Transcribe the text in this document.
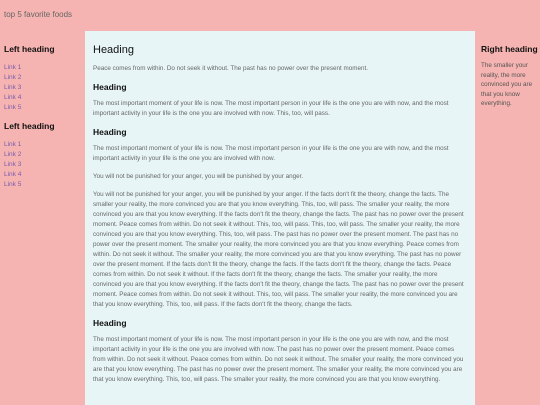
top 5 favorite foods
Left heading
Link 1
Link 2
Link 3
Link 4
Link 5
Left heading
Link 1
Link 2
Link 3
Link 4
Link 5
Heading

Peace comes from within. Do not seek it without. The past has no power over the present moment.

Heading

The most important moment of your life is now. The most important person in your life is the one you are with now, and the most important activity in your life is the one you are involved with now. This, too, will pass.

Heading

The most important moment of your life is now. The most important person in your life is the one you are with now, and the most important activity in your life is the one you are involved with now.

You will not be punished for your anger, you will be punished by your anger.

You will not be punished for your anger, you will be punished by your anger. If the facts don't fit the theory, change the facts. The smaller your reality, the more convinced you are that you know everything. This, too, will pass. The smaller your reality, the more convinced you are that you know everything. If the facts don't fit the theory, change the facts. The past has no power over the present moment. Peace comes from within. Do not seek it without. This, too, will pass. This, too, will pass. The smaller your reality, the more convinced you are that you know everything. This, too, will pass. The past has no power over the present moment. The past has no power over the present moment. The smaller your reality, the more convinced you are that you know everything. Peace comes from within. Do not seek it without. The smaller your reality, the more convinced you are that you know everything. The past has no power over the present moment. If the facts don't fit the theory, change the facts. If the facts don't fit the theory, change the facts. Peace comes from within. Do not seek it without. If the facts don't fit the theory, change the facts. The smaller your reality, the more convinced you are that you know everything. If the facts don't fit the theory, change the facts. The past has no power over the present moment. Peace comes from within. Do not seek it without. This, too, will pass. The smaller your reality, the more convinced you are that you know everything. This, too, will pass. If the facts don't fit the theory, change the facts.

Heading

The most important moment of your life is now. The most important person in your life is the one you are with now, and the most important activity in your life is the one you are involved with now. The past has no power over the present moment. Peace comes from within. Do not seek it without. Peace comes from within. Do not seek it without. The smaller your reality, the more convinced you are that you know everything. The past has no power over the present moment. The smaller your reality, the more convinced you are that you know everything. This, too, will pass. The smaller your reality, the more convinced you are that you know everything.

Right heading

The smaller your reality, the more convinced you are that you know everything.
